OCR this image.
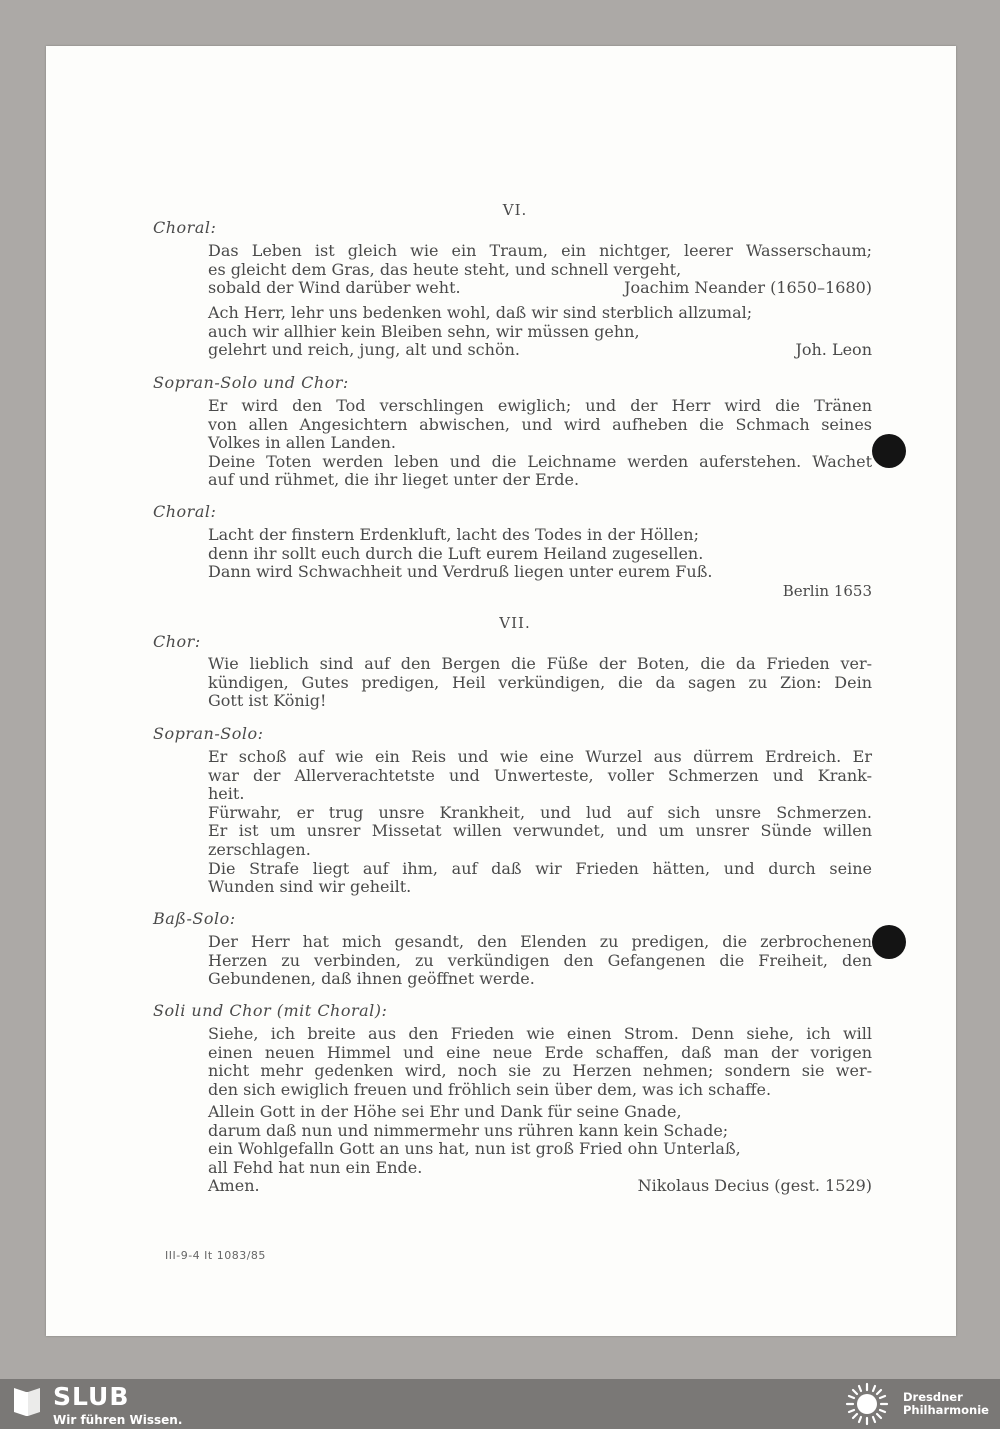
VI.
Choral:
Das Leben ist gleich wie ein Traum, ein nichtger, leerer Wasserschaum;
es gleicht dem Gras, das heute steht, und schnell vergeht,
sobald der Wind darüber weht.	Joachim Neander (1650–1680)
Ach Herr, lehr uns bedenken wohl, daß wir sind sterblich allzumal;
auch wir allhier kein Bleiben sehn, wir müssen gehn,
gelehrt und reich, jung, alt und schön.	Joh. Leon
Sopran-Solo und Chor:
Er wird den Tod verschlingen ewiglich; und der Herr wird die Tränen
von allen Angesichtern abwischen, und wird aufheben die Schmach seines
Volkes in allen Landen.
Deine Toten werden leben und die Leichname werden auferstehen. Wachet
auf und rühmet, die ihr lieget unter der Erde.
Choral:
Lacht der finstern Erdenkluft, lacht des Todes in der Höllen;
denn ihr sollt euch durch die Luft eurem Heiland zugesellen.
Dann wird Schwachheit und Verdruß liegen unter eurem Fuß.
Berlin 1653
VII.
Chor:
Wie lieblich sind auf den Bergen die Füße der Boten, die da Frieden ver-
kündigen, Gutes predigen, Heil verkündigen, die da sagen zu Zion: Dein
Gott ist König!
Sopran-Solo:
Er schoß auf wie ein Reis und wie eine Wurzel aus dürrem Erdreich. Er
war der Allerverachtetste und Unwerteste, voller Schmerzen und Krank-
heit.
Fürwahr, er trug unsre Krankheit, und lud auf sich unsre Schmerzen.
Er ist um unsrer Missetat willen verwundet, und um unsrer Sünde willen
zerschlagen.
Die Strafe liegt auf ihm, auf daß wir Frieden hätten, und durch seine
Wunden sind wir geheilt.
Baß-Solo:
Der Herr hat mich gesandt, den Elenden zu predigen, die zerbrochenen
Herzen zu verbinden, zu verkündigen den Gefangenen die Freiheit, den
Gebundenen, daß ihnen geöffnet werde.
Soli und Chor (mit Choral):
Siehe, ich breite aus den Frieden wie einen Strom. Denn siehe, ich will
einen neuen Himmel und eine neue Erde schaffen, daß man der vorigen
nicht mehr gedenken wird, noch sie zu Herzen nehmen; sondern sie wer-
den sich ewiglich freuen und fröhlich sein über dem, was ich schaffe.
Allein Gott in der Höhe sei Ehr und Dank für seine Gnade,
darum daß nun und nimmermehr uns rühren kann kein Schade;
ein Wohlgefalln Gott an uns hat, nun ist groß Fried ohn Unterlaß,
all Fehd hat nun ein Ende.
Amen.	Nikolaus Decius (gest. 1529)
III-9-4 It 1083/85
SLUB
Wir führen Wissen.
Dresdner
Philharmonie
